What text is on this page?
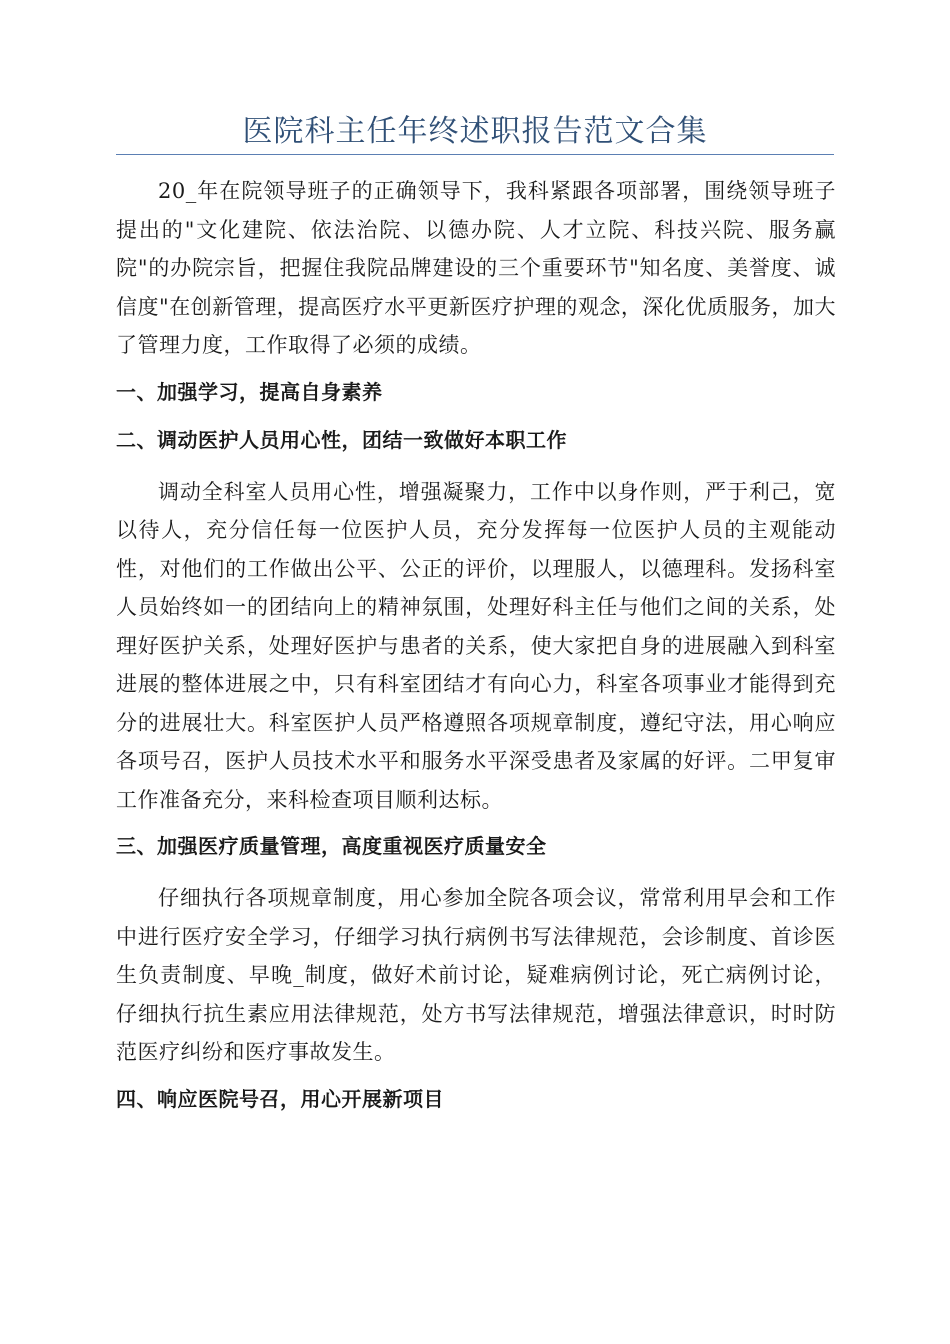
医院科主任年终述职报告范文合集

20_年在院领导班子的正确领导下，我科紧跟各项部署，围绕领导班子提出的"文化建院、依法治院、以德办院、人才立院、科技兴院、服务赢院"的办院宗旨，把握住我院品牌建设的三个重要环节"知名度、美誉度、诚信度"在创新管理，提高医疗水平更新医疗护理的观念，深化优质服务，加大了管理力度，工作取得了必须的成绩。

一、加强学习，提高自身素养
二、调动医护人员用心性，团结一致做好本职工作

调动全科室人员用心性，增强凝聚力，工作中以身作则，严于利己，宽以待人，充分信任每一位医护人员，充分发挥每一位医护人员的主观能动性，对他们的工作做出公平、公正的评价，以理服人，以德理科。发扬科室人员始终如一的团结向上的精神氛围，处理好科主任与他们之间的关系，处理好医护关系，处理好医护与患者的关系，使大家把自身的进展融入到科室进展的整体进展之中，只有科室团结才有向心力，科室各项事业才能得到充分的进展壮大。科室医护人员严格遵照各项规章制度，遵纪守法，用心响应各项号召，医护人员技术水平和服务水平深受患者及家属的好评。二甲复审工作准备充分，来科检查项目顺利达标。

三、加强医疗质量管理，高度重视医疗质量安全

仔细执行各项规章制度，用心参加全院各项会议，常常利用早会和工作中进行医疗安全学习，仔细学习执行病例书写法律规范，会诊制度、首诊医生负责制度、早晚_制度，做好术前讨论，疑难病例讨论，死亡病例讨论，仔细执行抗生素应用法律规范，处方书写法律规范，增强法律意识，时时防范医疗纠纷和医疗事故发生。

四、响应医院号召，用心开展新项目
